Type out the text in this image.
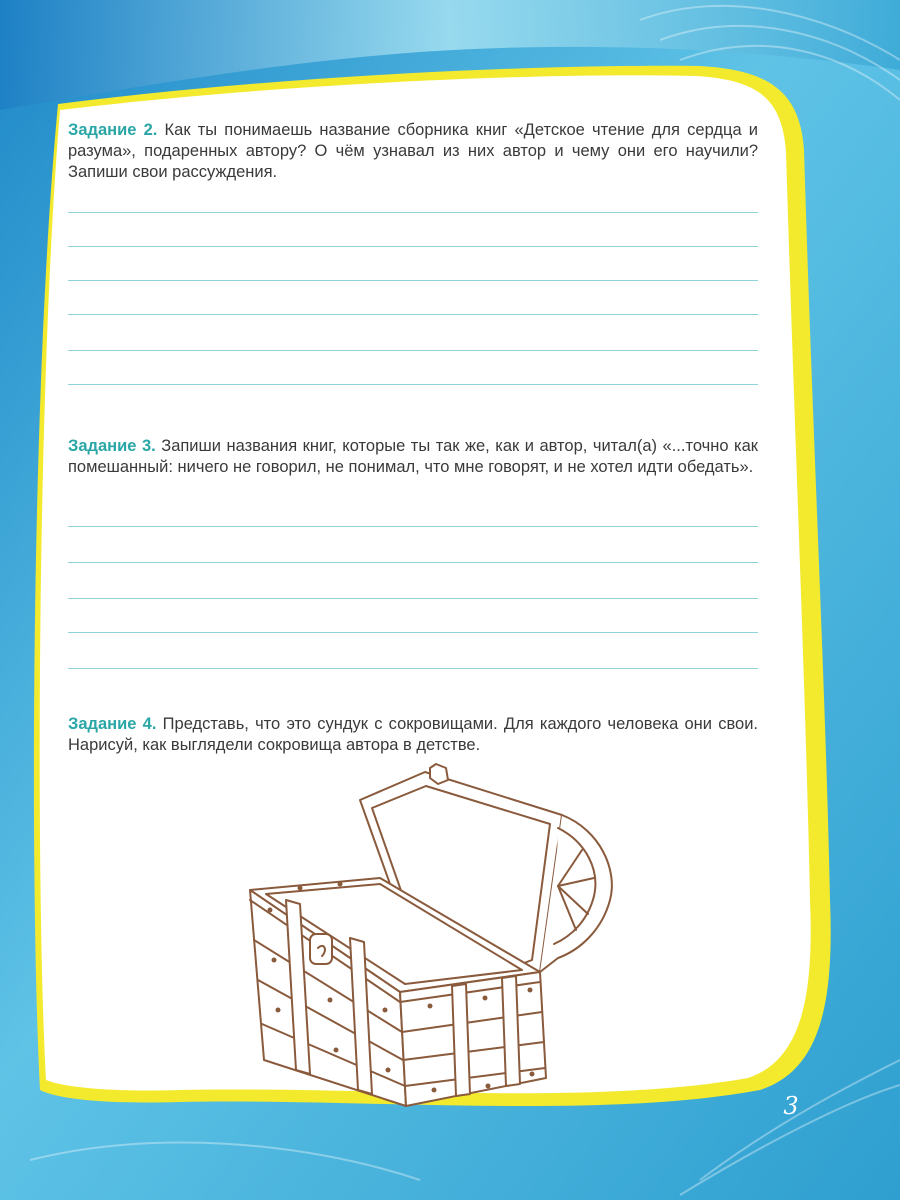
Задание 2. Как ты понимаешь название сборника книг «Детское чтение для сердца и разума», подаренных автору? О чём узнавал из них автор и чему они его научили? Запиши свои рассуждения.
Задание 3. Запиши названия книг, которые ты так же, как и автор, читал(а) «...точно как помешанный: ничего не говорил, не понимал, что мне говорят, и не хотел идти обедать».
Задание 4. Представь, что это сундук с сокровищами. Для каждого человека они свои. Нарисуй, как выглядели сокровища автора в детстве.
3
